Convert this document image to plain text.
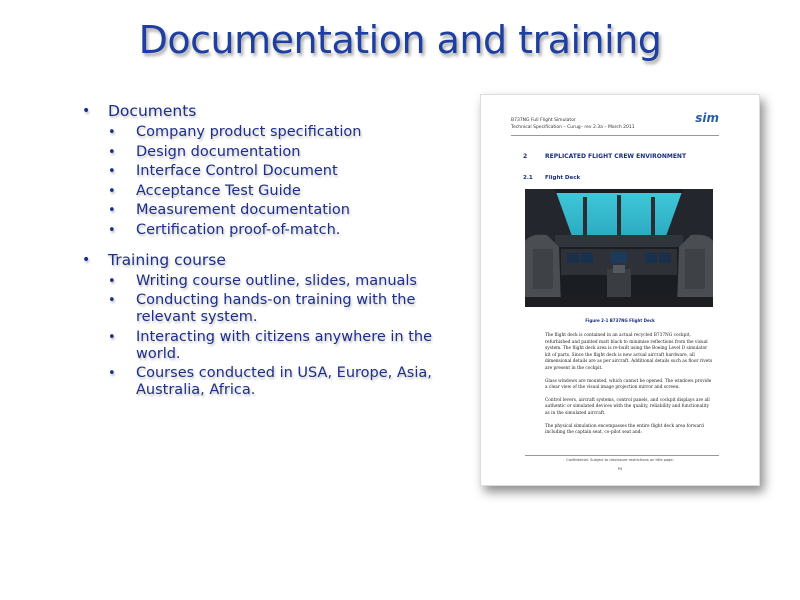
Documentation and training
• Documents
• Company product specification
• Design documentation
• Interface Control Document
• Acceptance Test Guide
• Measurement documentation
• Certification proof-of-match.
• Training course
• Writing course outline, slides, manuals
• Conducting hands-on training with the relevant system.
• Interacting with citizens anywhere in the world.
• Courses conducted in USA, Europe, Asia, Australia, Africa.
B737NG Full Flight Simulator
Technical Specification – Curug– rev 2.3a – March 2011
sim
2	REPLICATED FLIGHT CREW ENVIRONMENT
2.1 Flight Deck
Figure 2-1 B737NG Flight Deck

The flight deck is contained in an actual recycled B737NG cockpit, refurbished and painted matt black to minimise reflections from the visual system. The flight deck area is re-built using the Boeing Level D simulator kit of parts. Since the flight deck is new actual aircraft hardware, all dimensional details are as per aircraft. Additional details such as floor rivets are present in the cockpit.

Glass windows are mounted, which cannot be opened. The windows provide a clear view of the visual image projection mirror and screen.

Control levers, aircraft systems, control panels, and cockpit displays are all authentic or simulated devices with the quality, reliability and functionality as in the simulated aircraft.

The physical simulation encompasses the entire flight deck area forward including the captain seat, co-pilot seat and:

Confidential. Subject to disclosure restrictions on title page.
P4
